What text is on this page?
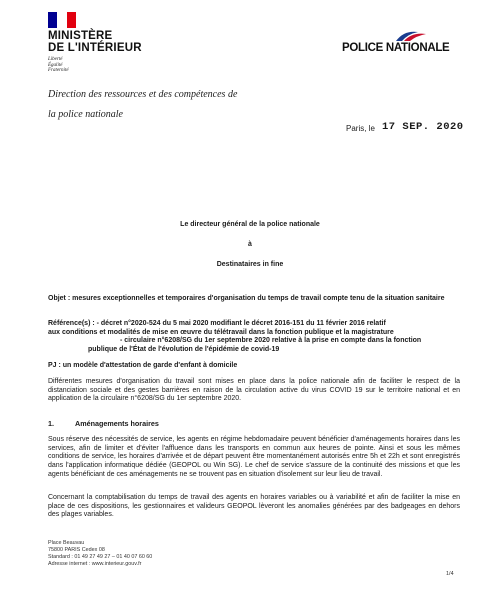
MINISTÈRE
DE L'INTÉRIEUR
Liberté
Égalité
Fraternité
Direction des ressources et des compétences de
la police nationale
POLICE NATIONALE
Paris, le 17 SEP. 2020
Le directeur général de la police nationale
à
Destinataires in fine
Objet : mesures exceptionnelles et temporaires d'organisation du temps de travail compte tenu de la situation sanitaire
Référence(s) : - décret n°2020-524 du 5 mai 2020 modifiant le décret 2016-151 du 11 février 2016 relatif
aux conditions et modalités de mise en œuvre du télétravail dans la fonction publique et la magistrature
- circulaire n°6208/SG du 1er septembre 2020 relative à la prise en compte dans la fonction
publique de l'État de l'évolution de l'épidémie de covid-19
PJ : un modèle d'attestation de garde d'enfant à domicile
Différentes mesures d'organisation du travail sont mises en place dans la police nationale afin de faciliter le respect de la distanciation sociale et des gestes barrières en raison de la circulation active du virus COVID 19 sur le territoire national et en application de la circulaire n°6208/SG du 1er septembre 2020.
1.	Aménagements horaires
Sous réserve des nécessités de service, les agents en régime hebdomadaire peuvent bénéficier d'aménagements horaires dans les services, afin de limiter et d'éviter l'affluence dans les transports en commun aux heures de pointe. Ainsi et sous les mêmes conditions de service, les horaires d'arrivée et de départ peuvent être momentanément autorisés entre 5h et 22h et sont enregistrés dans l'application informatique dédiée (GEOPOL ou Win SG). Le chef de service s'assure de la continuité des missions et que les agents bénéficiant de ces aménagements ne se trouvent pas en situation d'isolement sur leur lieu de travail.
Concernant la comptabilisation du temps de travail des agents en horaires variables ou à variabilité et afin de faciliter la mise en place de ces dispositions, les gestionnaires et valideurs GEOPOL lèveront les anomalies générées par des badgeages en dehors des plages variables.
Place Beauvau
75800 PARIS Cedex 08
Standard : 01 49 27 49 27 – 01 40 07 60 60
Adresse internet : www.interieur.gouv.fr
1/4
